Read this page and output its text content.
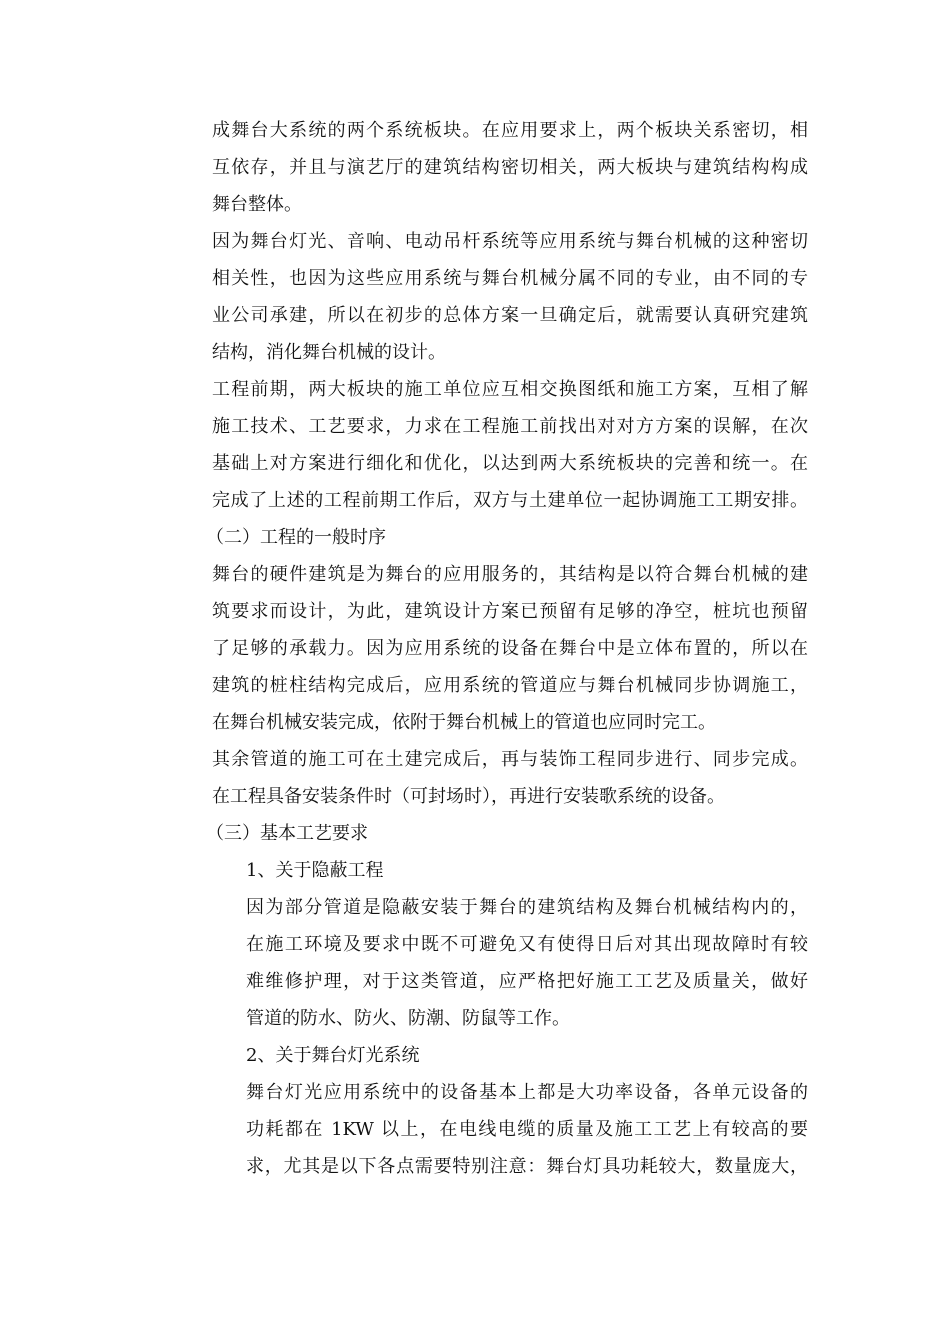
成舞台大系统的两个系统板块。在应用要求上，两个板块关系密切，相
互依存，并且与演艺厅的建筑结构密切相关，两大板块与建筑结构构成
舞台整体。
因为舞台灯光、音响、电动吊杆系统等应用系统与舞台机械的这种密切
相关性，也因为这些应用系统与舞台机械分属不同的专业，由不同的专
业公司承建，所以在初步的总体方案一旦确定后，就需要认真研究建筑
结构，消化舞台机械的设计。
工程前期，两大板块的施工单位应互相交换图纸和施工方案，互相了解
施工技术、工艺要求，力求在工程施工前找出对对方方案的误解，在次
基础上对方案进行细化和优化，以达到两大系统板块的完善和统一。在
完成了上述的工程前期工作后，双方与土建单位一起协调施工工期安排。
（二）工程的一般时序
舞台的硬件建筑是为舞台的应用服务的，其结构是以符合舞台机械的建
筑要求而设计，为此，建筑设计方案已预留有足够的净空，桩坑也预留
了足够的承载力。因为应用系统的设备在舞台中是立体布置的，所以在
建筑的桩柱结构完成后，应用系统的管道应与舞台机械同步协调施工，
在舞台机械安装完成，依附于舞台机械上的管道也应同时完工。
其余管道的施工可在土建完成后，再与装饰工程同步进行、同步完成。
在工程具备安装条件时（可封场时），再进行安装歌系统的设备。
（三）基本工艺要求
1、关于隐蔽工程
因为部分管道是隐蔽安装于舞台的建筑结构及舞台机械结构内的，
在施工环境及要求中既不可避免又有使得日后对其出现故障时有较
难维修护理，对于这类管道，应严格把好施工工艺及质量关，做好
管道的防水、防火、防潮、防鼠等工作。
2、关于舞台灯光系统
舞台灯光应用系统中的设备基本上都是大功率设备，各单元设备的
功耗都在 1KW 以上，在电线电缆的质量及施工工艺上有较高的要
求，尤其是以下各点需要特别注意：舞台灯具功耗较大，数量庞大，
